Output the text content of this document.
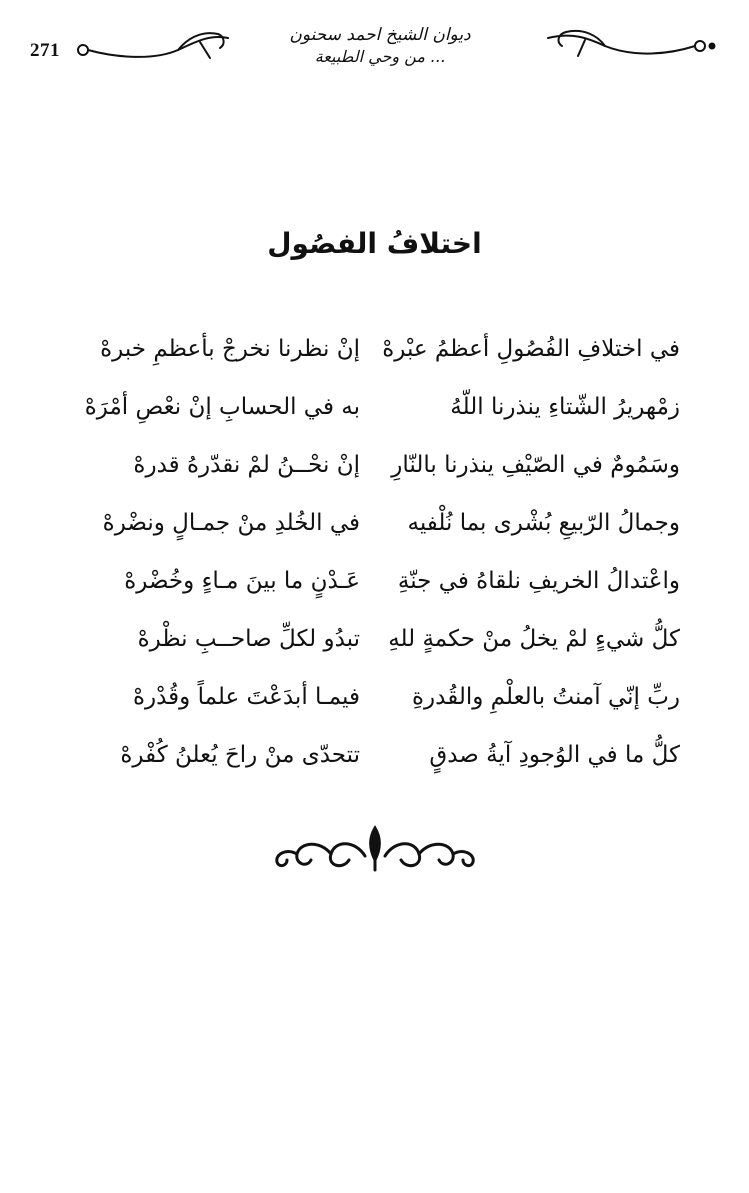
271
ديوان الشيخ احمد سحنون
... من وحي الطبيعة
اختلافُ الفصُول
في اختلافِ الفُصُولِ أعظمُ عبْرهْ
إنْ نظرنا نخرجْ بأعظمِ خبرهْ
زمْهريرُ الشّتاءِ ينذرنا اللّهُ
به في الحسابِ إنْ نعْصِ أمْرَهْ
وسَمُومٌ في الصّيْفِ ينذرنا بالنّارِ
إنْ نحْــنُ لمْ نقدّرهُ قدرهْ
وجمالُ الرّبيعِ بُشْرى بما نُلْفيه
في الخُلدِ منْ جمـالٍ ونضْرهْ
واعْتدالُ الخريفِ نلقاهُ في جنّةِ
عَـدْنٍ ما بينَ مـاءٍ وخُضْرهْ
كلُّ شيءٍ لمْ يخلُ منْ حكمةٍ للهِ
تبدُو لكلِّ صاحــبِ نظْرهْ
ربِّ إنّي آمنتُ بالعلْمِ والقُدرةِ
فيمـا أبدَعْتَ علماً وقُدْرهْ
كلُّ ما في الوُجودِ آيةُ صدقٍ
تتحدّى منْ راحَ يُعلنُ كُفْرهْ
